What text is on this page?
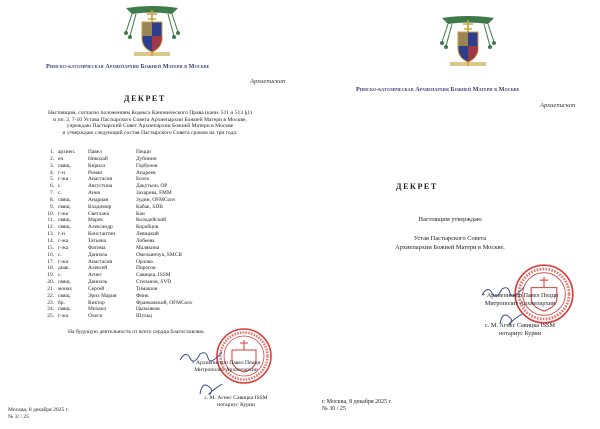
Римско-католическая Архиепархия Божией Матери в Москве
Архиепископ
ДЕКРЕТ
Настоящим, согласно положениям Кодекса Канонического Права (канн. 511 и 513 §1)
и пп. 2, 7-10 Устава Пастырского Совета Архиепархии Божией Матери в Москве,
учреждаю Пастырский Совет Архиепархии Божией Матери в Москве
и утверждаю следующий состав Пастырского Совета сроком на три года:
1. архиеп.	Павел	Пецци
2. еп.	Николай	Дубинин
3. свящ.	Кирилл	Горбунов
4. г-н	Роман	Андреев
5. г-жа	Анастасия	Бозло
6. с.	Августина	Дакутьон, ОР
7. с.	Анна	Захарова, FMM
8. свящ.	Андриан	Зудин, OFMConv
9. свящ.	Владимир	Кабак, SDB
10. г-жа	Светлана	Кан
11. свящ.	Марек	Колодейский
12. свящ.	Александр	Коробцов
13. г-н	Константин	Левицкий
14. г-жа	Татьяна	Лобеева
15. г-жа	Фатима	Малякина
16. с.	Даниэла	Омельянчук, SMCB
17. г-жа	Анастасия	Орлова
18. диак.	Алексей	Пирогов
19. с.	Агнес	Савицка, ISSM
20. свящ.	Даниэль	Степанов, SVD
21. монах	Сергей	Тимашов
22. свящ.	Эрих Мария	Финк
23. бр.	Виктор	Франковский, OFMConv
24. свящ.	Михаил	Цымляков
25. г-жа	Олеся	Шульц
На будущую деятельность от всего сердца благословляю.
+ Архиепископ Павел Пецци
Митрополит Архиепархии
с. М. Агнес Савицка ISSM
нотариус Курии
Москва, 8 декабря 2025 г.
№ 3/ / 25
Римско-католическая Архиепархия Божией Матери в Москве
Архиепископ
ДЕКРЕТ
Настоящим утверждаю
Устав Пастырского Совета
Архиепархии Божией Матери в Москве.
+ Архиепископ Павел Пецци
Митрополит Архиепархии
с. М. Агнес Савицка ISSM
нотариус Курии
г. Москва, 8 декабря 2025 г.
№ 30 / 25
